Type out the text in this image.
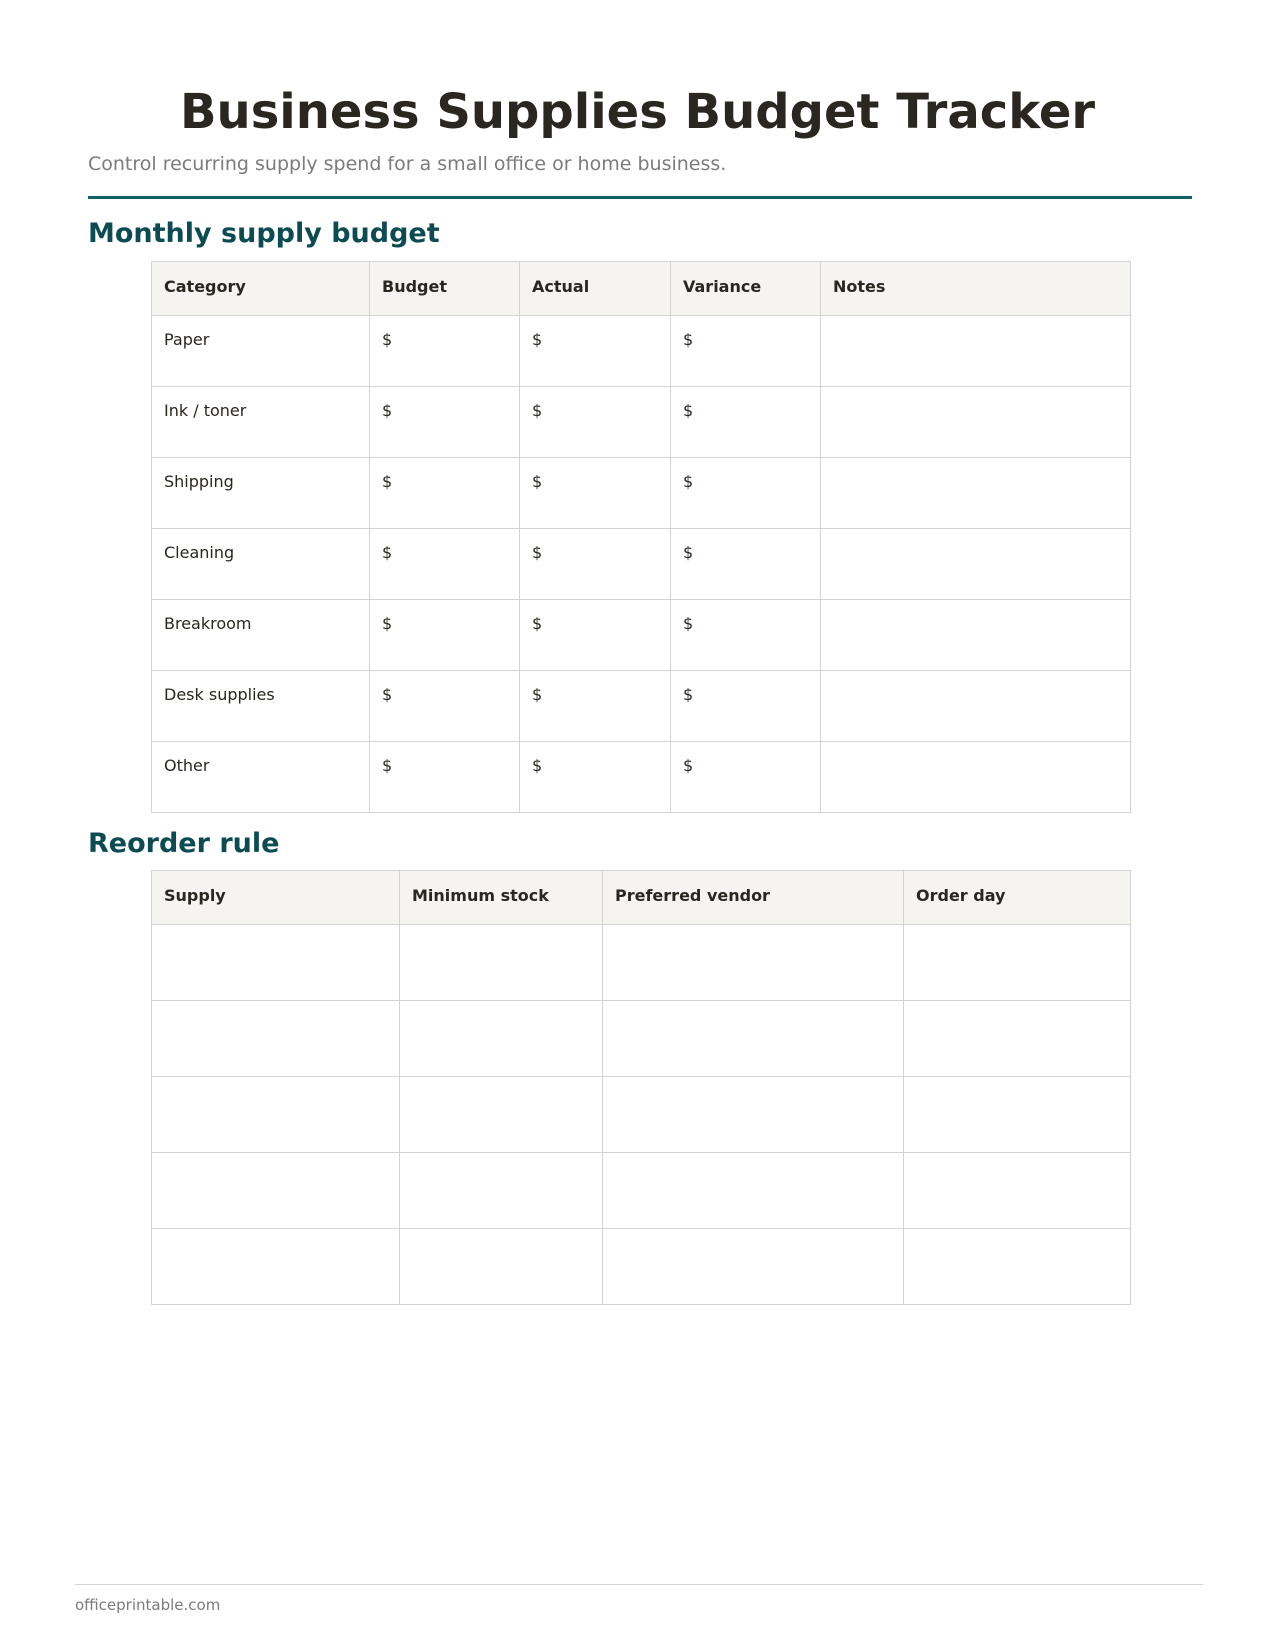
Business Supplies Budget Tracker

Control recurring supply spend for a small office or home business.

Monthly supply budget
Category	Budget	Actual	Variance	Notes
Paper	$	$	$	
Ink / toner	$	$	$	
Shipping	$	$	$	
Cleaning	$	$	$	
Breakroom	$	$	$	
Desk supplies	$	$	$	
Other	$	$	$	
Reorder rule
Supply	Minimum stock	Preferred vendor	Order day

officeprintable.com
